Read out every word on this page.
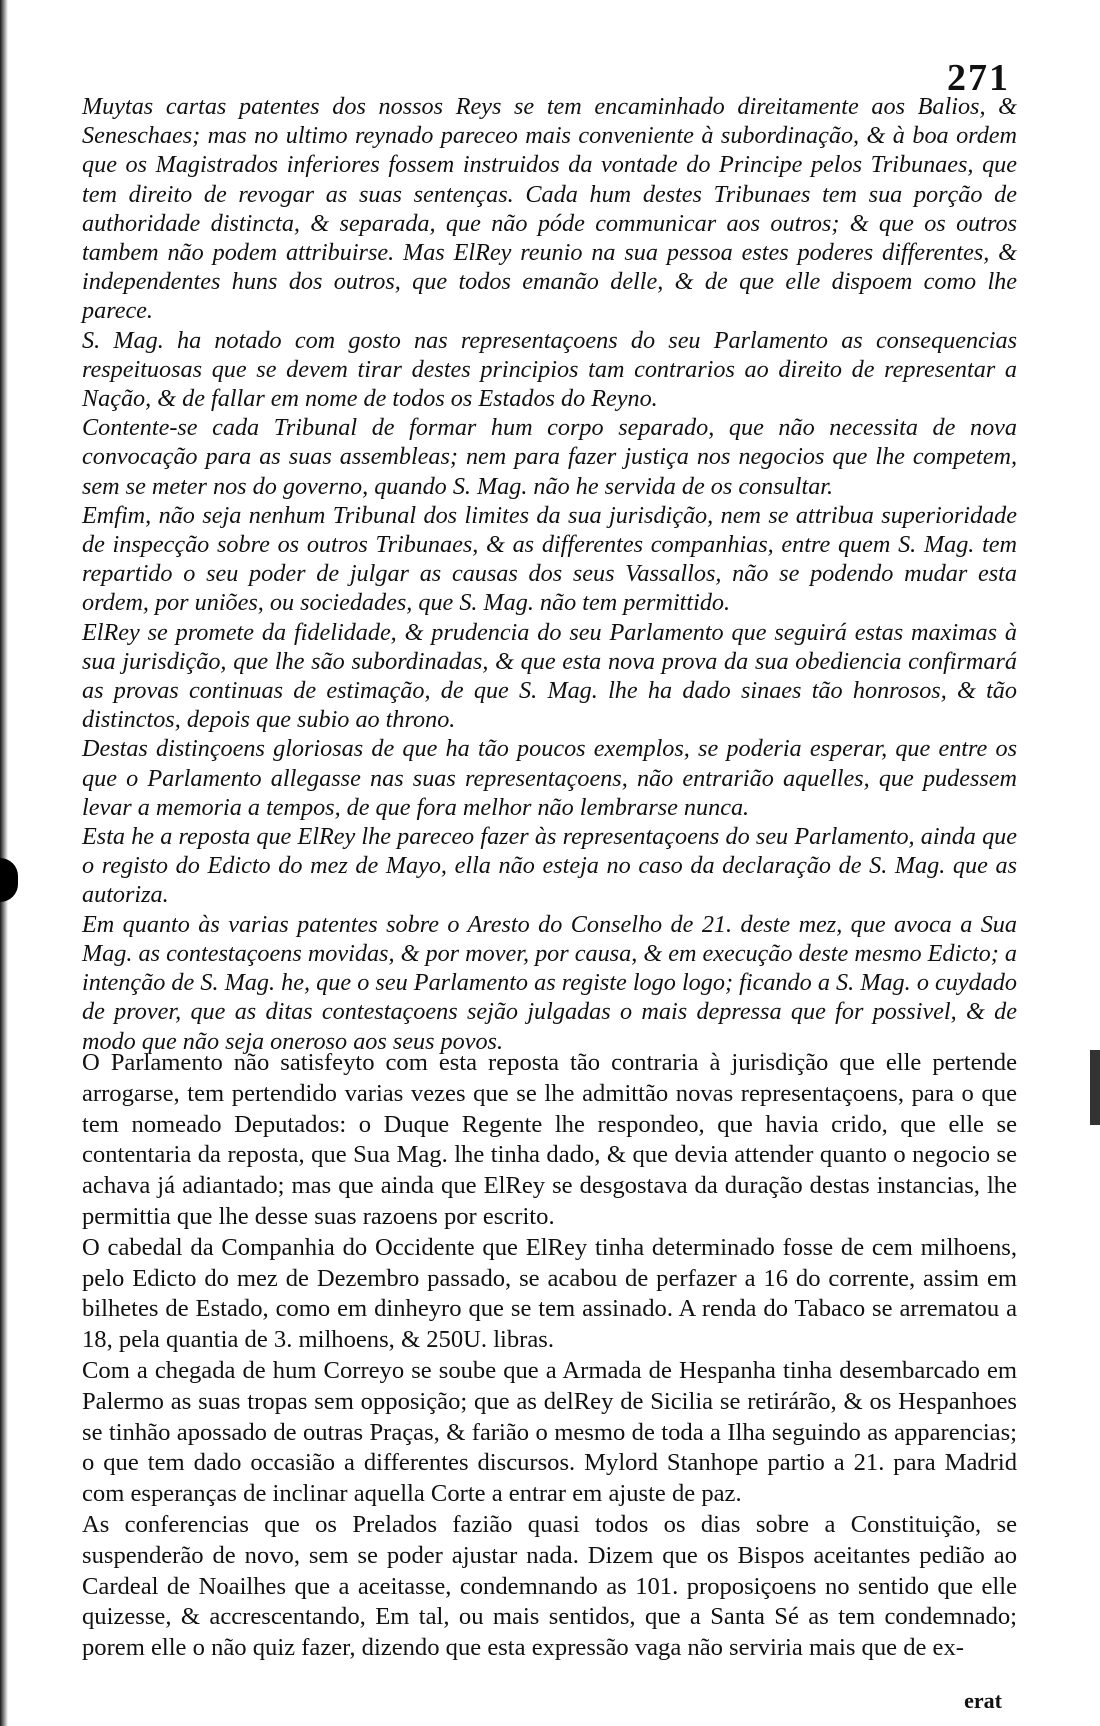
271

Muytas cartas patentes dos nossos Reys se tem encaminhado direitamente aos Balios, & Seneschaes; mas no ultimo reynado pareceo mais conveniente à subordinação, & à boa ordem que os Magistrados inferiores fossem instruidos da vontade do Principe pelos Tribunaes, que tem direito de revogar as suas sentenças. Cada hum destes Tribunaes tem sua porção de authoridade distincta, & separada, que não póde communicar aos outros; & que os outros tambem não podem attribuirse. Mas ElRey reunio na sua pessoa estes poderes differentes, & independentes huns dos outros, que todos emanão delle, & de que elle dispoem como lhe parece.

S. Mag. ha notado com gosto nas representaçoens do seu Parlamento as consequencias respeituosas que se devem tirar destes principios tam contrarios ao direito de representar a Nação, & de fallar em nome de todos os Estados do Reyno.

Contente-se cada Tribunal de formar hum corpo separado, que não necessita de nova convocação para as suas assembleas; nem para fazer justiça nos negocios que lhe competem, sem se meter nos do governo, quando S. Mag. não he servida de os consultar.

Emfim, não seja nenhum Tribunal dos limites da sua jurisdição, nem se attribua superioridade de inspecção sobre os outros Tribunaes, & as differentes companhias, entre quem S. Mag. tem repartido o seu poder de julgar as causas dos seus Vassallos, não se podendo mudar esta ordem, por uniões, ou sociedades, que S. Mag. não tem permittido.

ElRey se promete da fidelidade, & prudencia do seu Parlamento que seguirá estas maximas à sua jurisdição, que lhe são subordinadas, & que esta nova prova da sua obediencia confirmará as provas continuas de estimação, de que S. Mag. lhe ha dado sinaes tão honrosos, & tão distinctos, depois que subio ao throno.

Destas distinçoens gloriosas de que ha tão poucos exemplos, se poderia esperar, que entre os que o Parlamento allegasse nas suas representaçoens, não entrarião aquelles, que pudessem levar a memoria a tempos, de que fora melhor não lembrarse nunca.

Esta he a reposta que ElRey lhe pareceo fazer às representaçoens do seu Parlamento, ainda que o registo do Edicto do mez de Mayo, ella não esteja no caso da declaração de S. Mag. que as autoriza.

Em quanto às varias patentes sobre o Aresto do Conselho de 21. deste mez, que avoca a Sua Mag. as contestaçoens movidas, & por mover, por causa, & em execução deste mesmo Edicto; a intenção de S. Mag. he, que o seu Parlamento as registe logo logo; ficando a S. Mag. o cuydado de prover, que as ditas contestaçoens sejão julgadas o mais depressa que for possivel, & de modo que não seja oneroso aos seus povos.

O Parlamento não satisfeyto com esta reposta tão contraria à jurisdição que elle pertende arrogarse, tem pertendido varias vezes que se lhe admittão novas representaçoens, para o que tem nomeado Deputados: o Duque Regente lhe respondeo, que havia crido, que elle se contentaria da reposta, que Sua Mag. lhe tinha dado, & que devia attender quanto o negocio se achava já adiantado; mas que ainda que ElRey se desgostava da duração destas instancias, lhe permittia que lhe desse suas razoens por escrito.

O cabedal da Companhia do Occidente que ElRey tinha determinado fosse de cem milhoens, pelo Edicto do mez de Dezembro passado, se acabou de perfazer a 16 do corrente, assim em bilhetes de Estado, como em dinheyro que se tem assinado. A renda do Tabaco se arrematou a 18, pela quantia de 3. milhoens, & 250U. libras.

Com a chegada de hum Correyo se soube que a Armada de Hespanha tinha desembarcado em Palermo as suas tropas sem opposição; que as delRey de Sicilia se retirárão, & os Hespanhoes se tinhão apossado de outras Praças, & farião o mesmo de toda a Ilha seguindo as apparencias; o que tem dado occasião a differentes discursos. Mylord Stanhope partio a 21. para Madrid com esperanças de inclinar aquella Corte a entrar em ajuste de paz.

As conferencias que os Prelados fazião quasi todos os dias sobre a Constituição, se suspenderão de novo, sem se poder ajustar nada. Dizem que os Bispos aceitantes pedião ao Cardeal de Noailhes que a aceitasse, condemnando as 101. proposiçoens no sentido que elle quizesse, & accrescentando, Em tal, ou mais sentidos, que a Santa Sé as tem condemnado; porem elle o não quiz fazer, dizendo que esta expressão vaga não serviria mais que de ex-

erat
